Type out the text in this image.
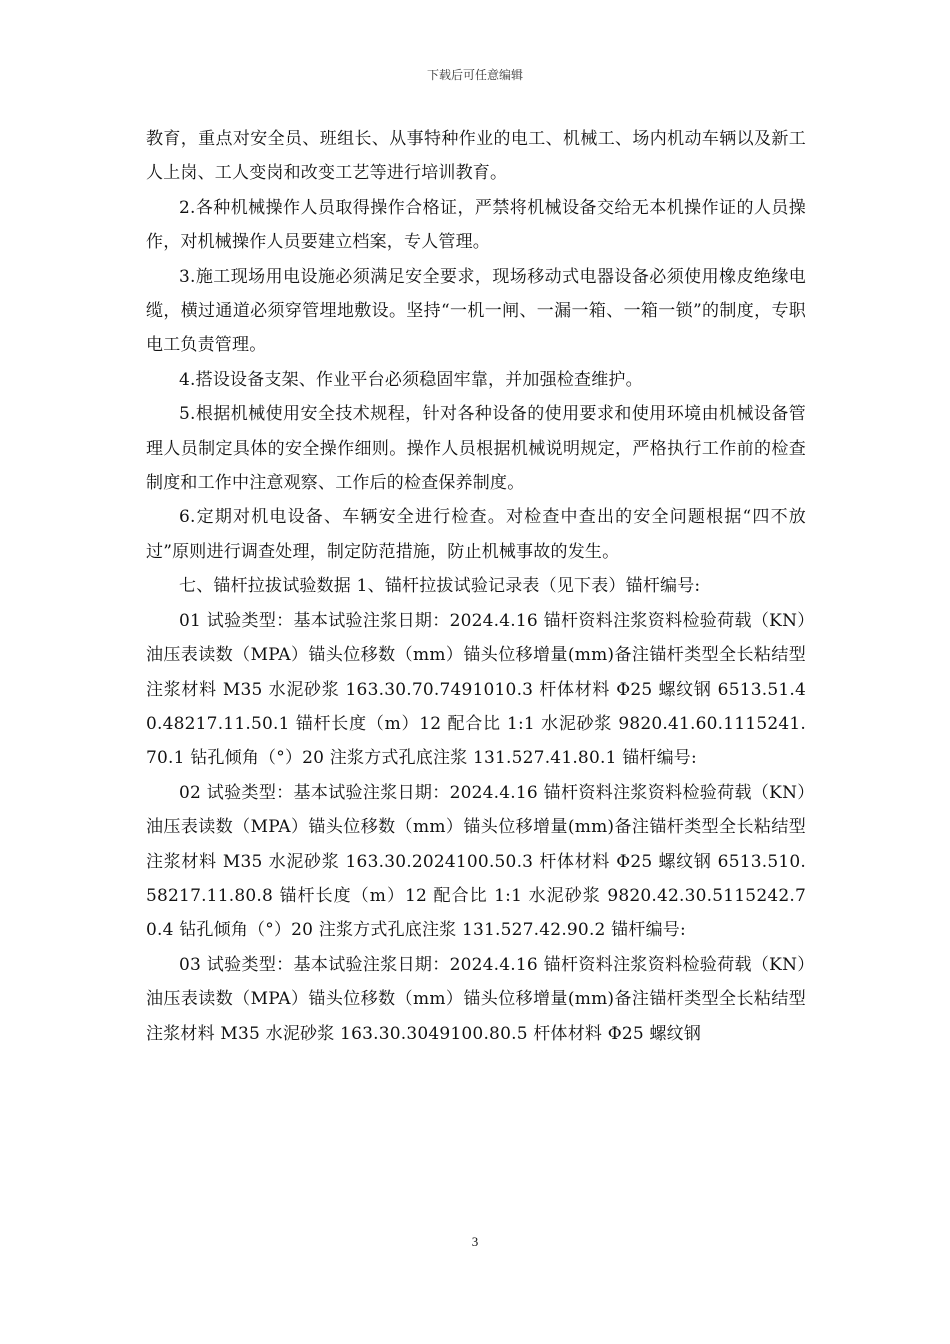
下载后可任意编辑

教育，重点对安全员、班组长、从事特种作业的电工、机械工、场内机动车辆以及新工人上岗、工人变岗和改变工艺等进行培训教育。

2.各种机械操作人员取得操作合格证，严禁将机械设备交给无本机操作证的人员操作，对机械操作人员要建立档案，专人管理。

3.施工现场用电设施必须满足安全要求，现场移动式电器设备必须使用橡皮绝缘电缆，横过通道必须穿管埋地敷设。坚持“一机一闸、一漏一箱、一箱一锁”的制度，专职电工负责管理。

4.搭设设备支架、作业平台必须稳固牢靠，并加强检查维护。

5.根据机械使用安全技术规程，针对各种设备的使用要求和使用环境由机械设备管理人员制定具体的安全操作细则。操作人员根据机械说明规定，严格执行工作前的检查制度和工作中注意观察、工作后的检查保养制度。

6.定期对机电设备、车辆安全进行检查。对检查中查出的安全问题根据“四不放过”原则进行调查处理，制定防范措施，防止机械事故的发生。

七、锚杆拉拔试验数据 1、锚杆拉拔试验记录表（见下表）锚杆编号:

01 试验类型：基本试验注浆日期：2024.4.16 锚杆资料注浆资料检验荷载（KN）油压表读数（MPA）锚头位移数（mm）锚头位移增量(mm)备注锚杆类型全长粘结型注浆材料 M35 水泥砂浆 163.30.70.7491010.3 杆体材料 Φ25 螺纹钢 6513.51.40.48217.11.50.1 锚杆长度（m）12 配合比 1:1 水泥砂浆 9820.41.60.1115241.70.1 钻孔倾角（°）20 注浆方式孔底注浆 131.527.41.80.1 锚杆编号:

02 试验类型：基本试验注浆日期：2024.4.16 锚杆资料注浆资料检验荷载（KN）油压表读数（MPA）锚头位移数（mm）锚头位移增量(mm)备注锚杆类型全长粘结型注浆材料 M35 水泥砂浆 163.30.2024100.50.3 杆体材料 Φ25 螺纹钢 6513.510.58217.11.80.8 锚杆长度（m）12 配合比 1:1 水泥砂浆 9820.42.30.5115242.70.4 钻孔倾角（°）20 注浆方式孔底注浆 131.527.42.90.2 锚杆编号:

03 试验类型：基本试验注浆日期：2024.4.16 锚杆资料注浆资料检验荷载（KN）油压表读数（MPA）锚头位移数（mm）锚头位移增量(mm)备注锚杆类型全长粘结型注浆材料 M35 水泥砂浆 163.30.3049100.80.5 杆体材料 Φ25 螺纹钢

3
